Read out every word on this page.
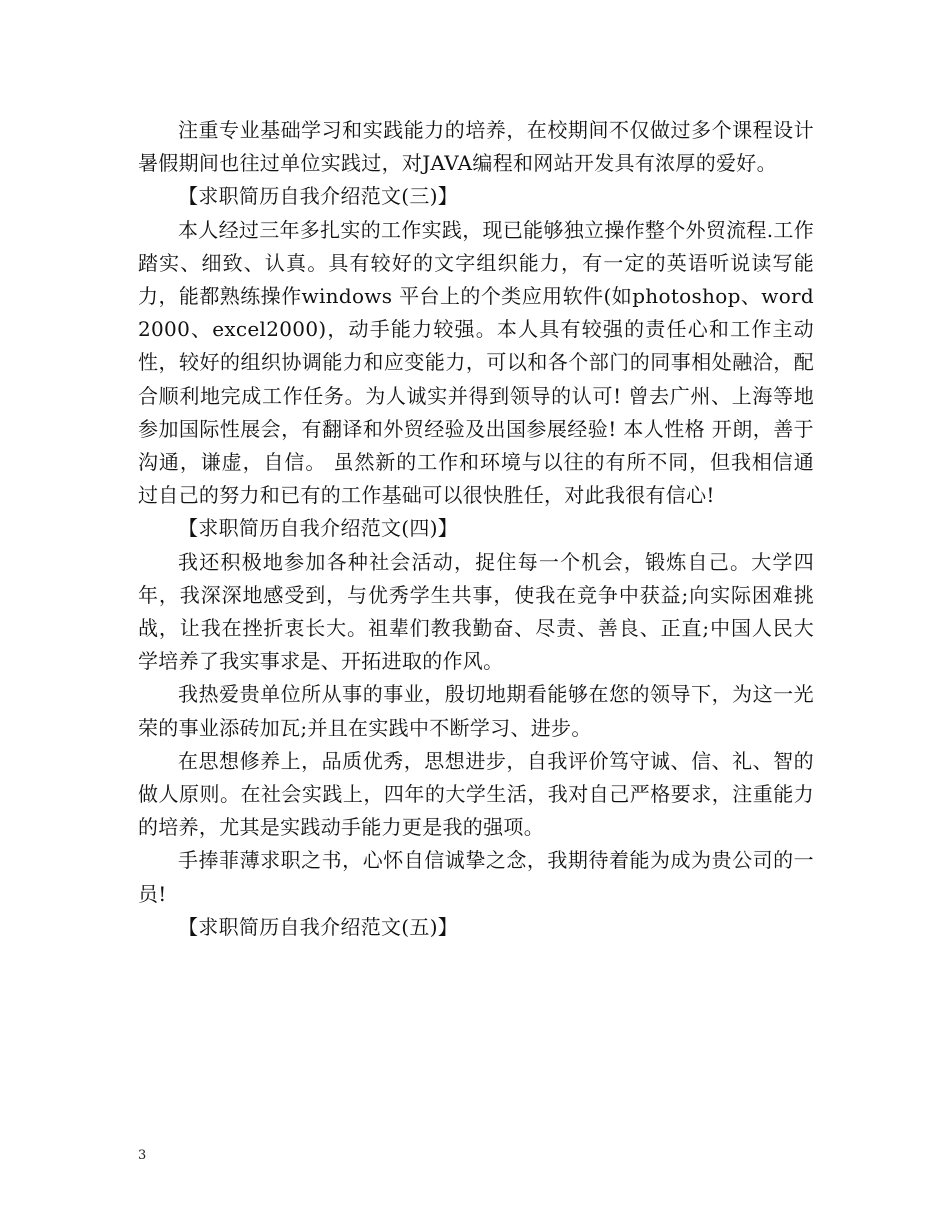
注重专业基础学习和实践能力的培养，在校期间不仅做过多个课程设计暑假期间也往过单位实践过，对JAVA编程和网站开发具有浓厚的爱好。

【求职简历自我介绍范文(三)】

本人经过三年多扎实的工作实践，现已能够独立操作整个外贸流程.工作踏实、细致、认真。具有较好的文字组织能力，有一定的英语听说读写能力，能都熟练操作windows 平台上的个类应用软件(如photoshop、word2000、excel2000)，动手能力较强。本人具有较强的责任心和工作主动性，较好的组织协调能力和应变能力，可以和各个部门的同事相处融洽，配合顺利地完成工作任务。为人诚实并得到领导的认可! 曾去广州、上海等地参加国际性展会，有翻译和外贸经验及出国参展经验! 本人性格 开朗，善于沟通，谦虚，自信。 虽然新的工作和环境与以往的有所不同，但我相信通过自己的努力和已有的工作基础可以很快胜任，对此我很有信心!

【求职简历自我介绍范文(四)】

我还积极地参加各种社会活动，捉住每一个机会，锻炼自己。大学四年，我深深地感受到，与优秀学生共事，使我在竞争中获益;向实际困难挑战，让我在挫折衷长大。祖辈们教我勤奋、尽责、善良、正直;中国人民大学培养了我实事求是、开拓进取的作风。

我热爱贵单位所从事的事业，殷切地期看能够在您的领导下，为这一光荣的事业添砖加瓦;并且在实践中不断学习、进步。

在思想修养上，品质优秀，思想进步，自我评价笃守诚、信、礼、智的做人原则。在社会实践上，四年的大学生活，我对自己严格要求，注重能力的培养，尤其是实践动手能力更是我的强项。

手捧菲薄求职之书，心怀自信诚挚之念，我期待着能为成为贵公司的一员!

【求职简历自我介绍范文(五)】

3
